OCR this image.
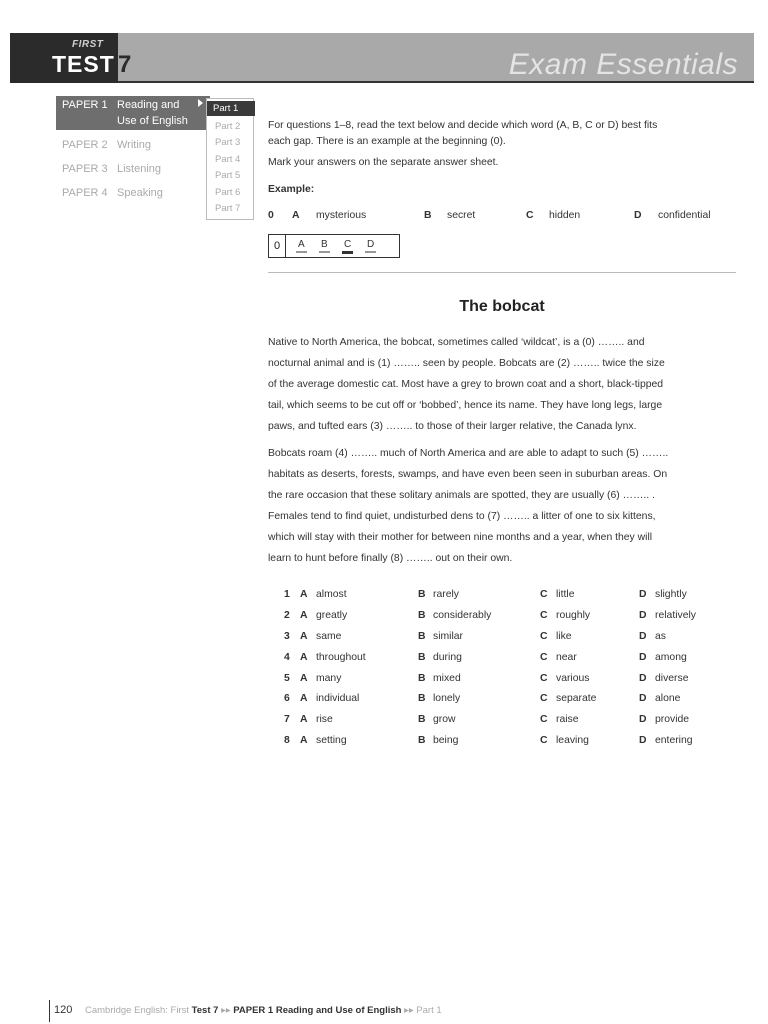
FIRST
TEST 7	Exam Essentials
PAPER 1 Reading and
Use of English
PAPER 2 Writing
PAPER 3 Listening
PAPER 4 Speaking
Part 1
Part 2
Part 3
Part 4
Part 5
Part 6
Part 7
For questions 1–8, read the text below and decide which word (A, B, C or D) best fits
each gap. There is an example at the beginning (0).
Mark your answers on the separate answer sheet.
Example:
0 A mysterious	B secret	C hidden	D confidential
0	A B C D
The bobcat
Native to North America, the bobcat, sometimes called ‘wildcat’, is a (0) …….. and
nocturnal animal and is (1) …….. seen by people. Bobcats are (2) …….. twice the size
of the average domestic cat. Most have a grey to brown coat and a short, black-tipped
tail, which seems to be cut off or ‘bobbed’, hence its name. They have long legs, large
paws, and tufted ears (3) …….. to those of their larger relative, the Canada lynx.
Bobcats roam (4) …….. much of North America and are able to adapt to such (5) ……..
habitats as deserts, forests, swamps, and have even been seen in suburban areas. On
the rare occasion that these solitary animals are spotted, they are usually (6) …….. .
Females tend to find quiet, undisturbed dens to (7) …….. a litter of one to six kittens,
which will stay with their mother for between nine months and a year, when they will
learn to hunt before finally (8) …….. out on their own.
1 A almost	B rarely	C little	D slightly
2 A greatly	B considerably	C roughly	D relatively
3 A same	B similar	C like	D as
4 A throughout	B during	C near	D among
5 A many	B mixed	C various	D diverse
6 A individual	B lonely	C separate	D alone
7 A rise	B grow	C raise	D provide
8 A setting	B being	C leaving	D entering
120 Cambridge English: First Test 7 ▸▸ PAPER 1 Reading and Use of English ▸▸ Part 1
